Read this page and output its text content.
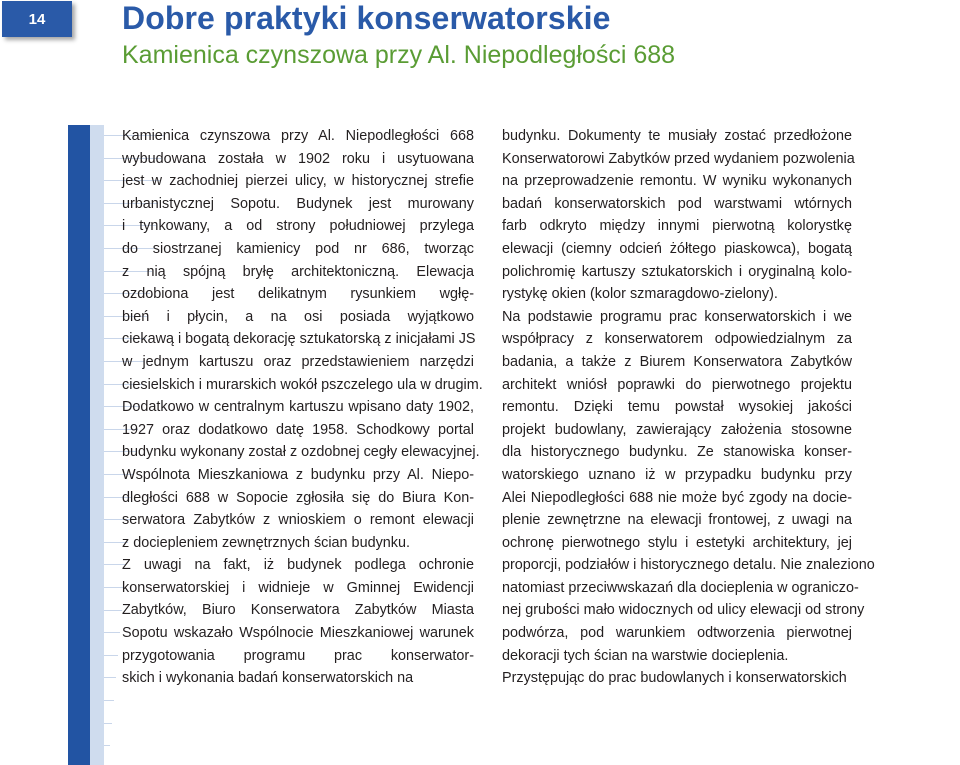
14 Dobre praktyki konserwatorskie
Kamienica czynszowa przy Al. Niepodległości 688
Kamienica czynszowa przy Al. Niepodległości 668
wybudowana została w 1902 roku i usytuowana
jest w zachodniej pierzei ulicy, w historycznej strefie
urbanistycznej Sopotu. Budynek jest murowany
i tynkowany, a od strony południowej przylega
do siostrzanej kamienicy pod nr 686, tworząc
z nią spójną bryłę architektoniczną. Elewacja
ozdobiona jest delikatnym rysunkiem wgłę-
bień i płycin, a na osi posiada wyjątkowo
ciekawą i bogatą dekorację sztukatorską z inicjałami JS
w jednym kartuszu oraz przedstawieniem narzędzi
ciesielskich i murarskich wokół pszczelego ula w drugim.
Dodatkowo w centralnym kartuszu wpisano daty 1902,
1927 oraz dodatkowo datę 1958. Schodkowy portal
budynku wykonany został z ozdobnej cegły elewacyjnej.
Wspólnota Mieszkaniowa z budynku przy Al. Niepo-
dległości 688 w Sopocie zgłosiła się do Biura Kon-
serwatora Zabytków z wnioskiem o remont elewacji
z dociepleniem zewnętrznych ścian budynku.
Z uwagi na fakt, iż budynek podlega ochronie
konserwatorskiej i widnieje w Gminnej Ewidencji
Zabytków, Biuro Konserwatora Zabytków Miasta
Sopotu wskazało Wspólnocie Mieszkaniowej warunek
przygotowania programu prac konserwator-
skich i wykonania badań konserwatorskich na
budynku. Dokumenty te musiały zostać przedłożone
Konserwatorowi Zabytków przed wydaniem pozwolenia
na przeprowadzenie remontu. W wyniku wykonanych
badań konserwatorskich pod warstwami wtórnych
farb odkryto między innymi pierwotną kolorystkę
elewacji (ciemny odcień żółtego piaskowca), bogatą
polichromię kartuszy sztukatorskich i oryginalną kolo-
rystykę okien (kolor szmaragdowo-zielony).
Na podstawie programu prac konserwatorskich i we
współpracy z konserwatorem odpowiedzialnym za
badania, a także z Biurem Konserwatora Zabytków
architekt wniósł poprawki do pierwotnego projektu
remontu. Dzięki temu powstał wysokiej jakości
projekt budowlany, zawierający założenia stosowne
dla historycznego budynku. Ze stanowiska konser-
watorskiego uznano iż w przypadku budynku przy
Alei Niepodległości 688 nie może być zgody na docie-
plenie zewnętrzne na elewacji frontowej, z uwagi na
ochronę pierwotnego stylu i estetyki architektury, jej
proporcji, podziałów i historycznego detalu. Nie znaleziono
natomiast przeciwwskazań dla docieplenia w ograniczo-
nej grubości mało widocznych od ulicy elewacji od strony
podwórza, pod warunkiem odtworzenia pierwotnej
dekoracji tych ścian na warstwie docieplenia.
Przystępując do prac budowlanych i konserwatorskich
